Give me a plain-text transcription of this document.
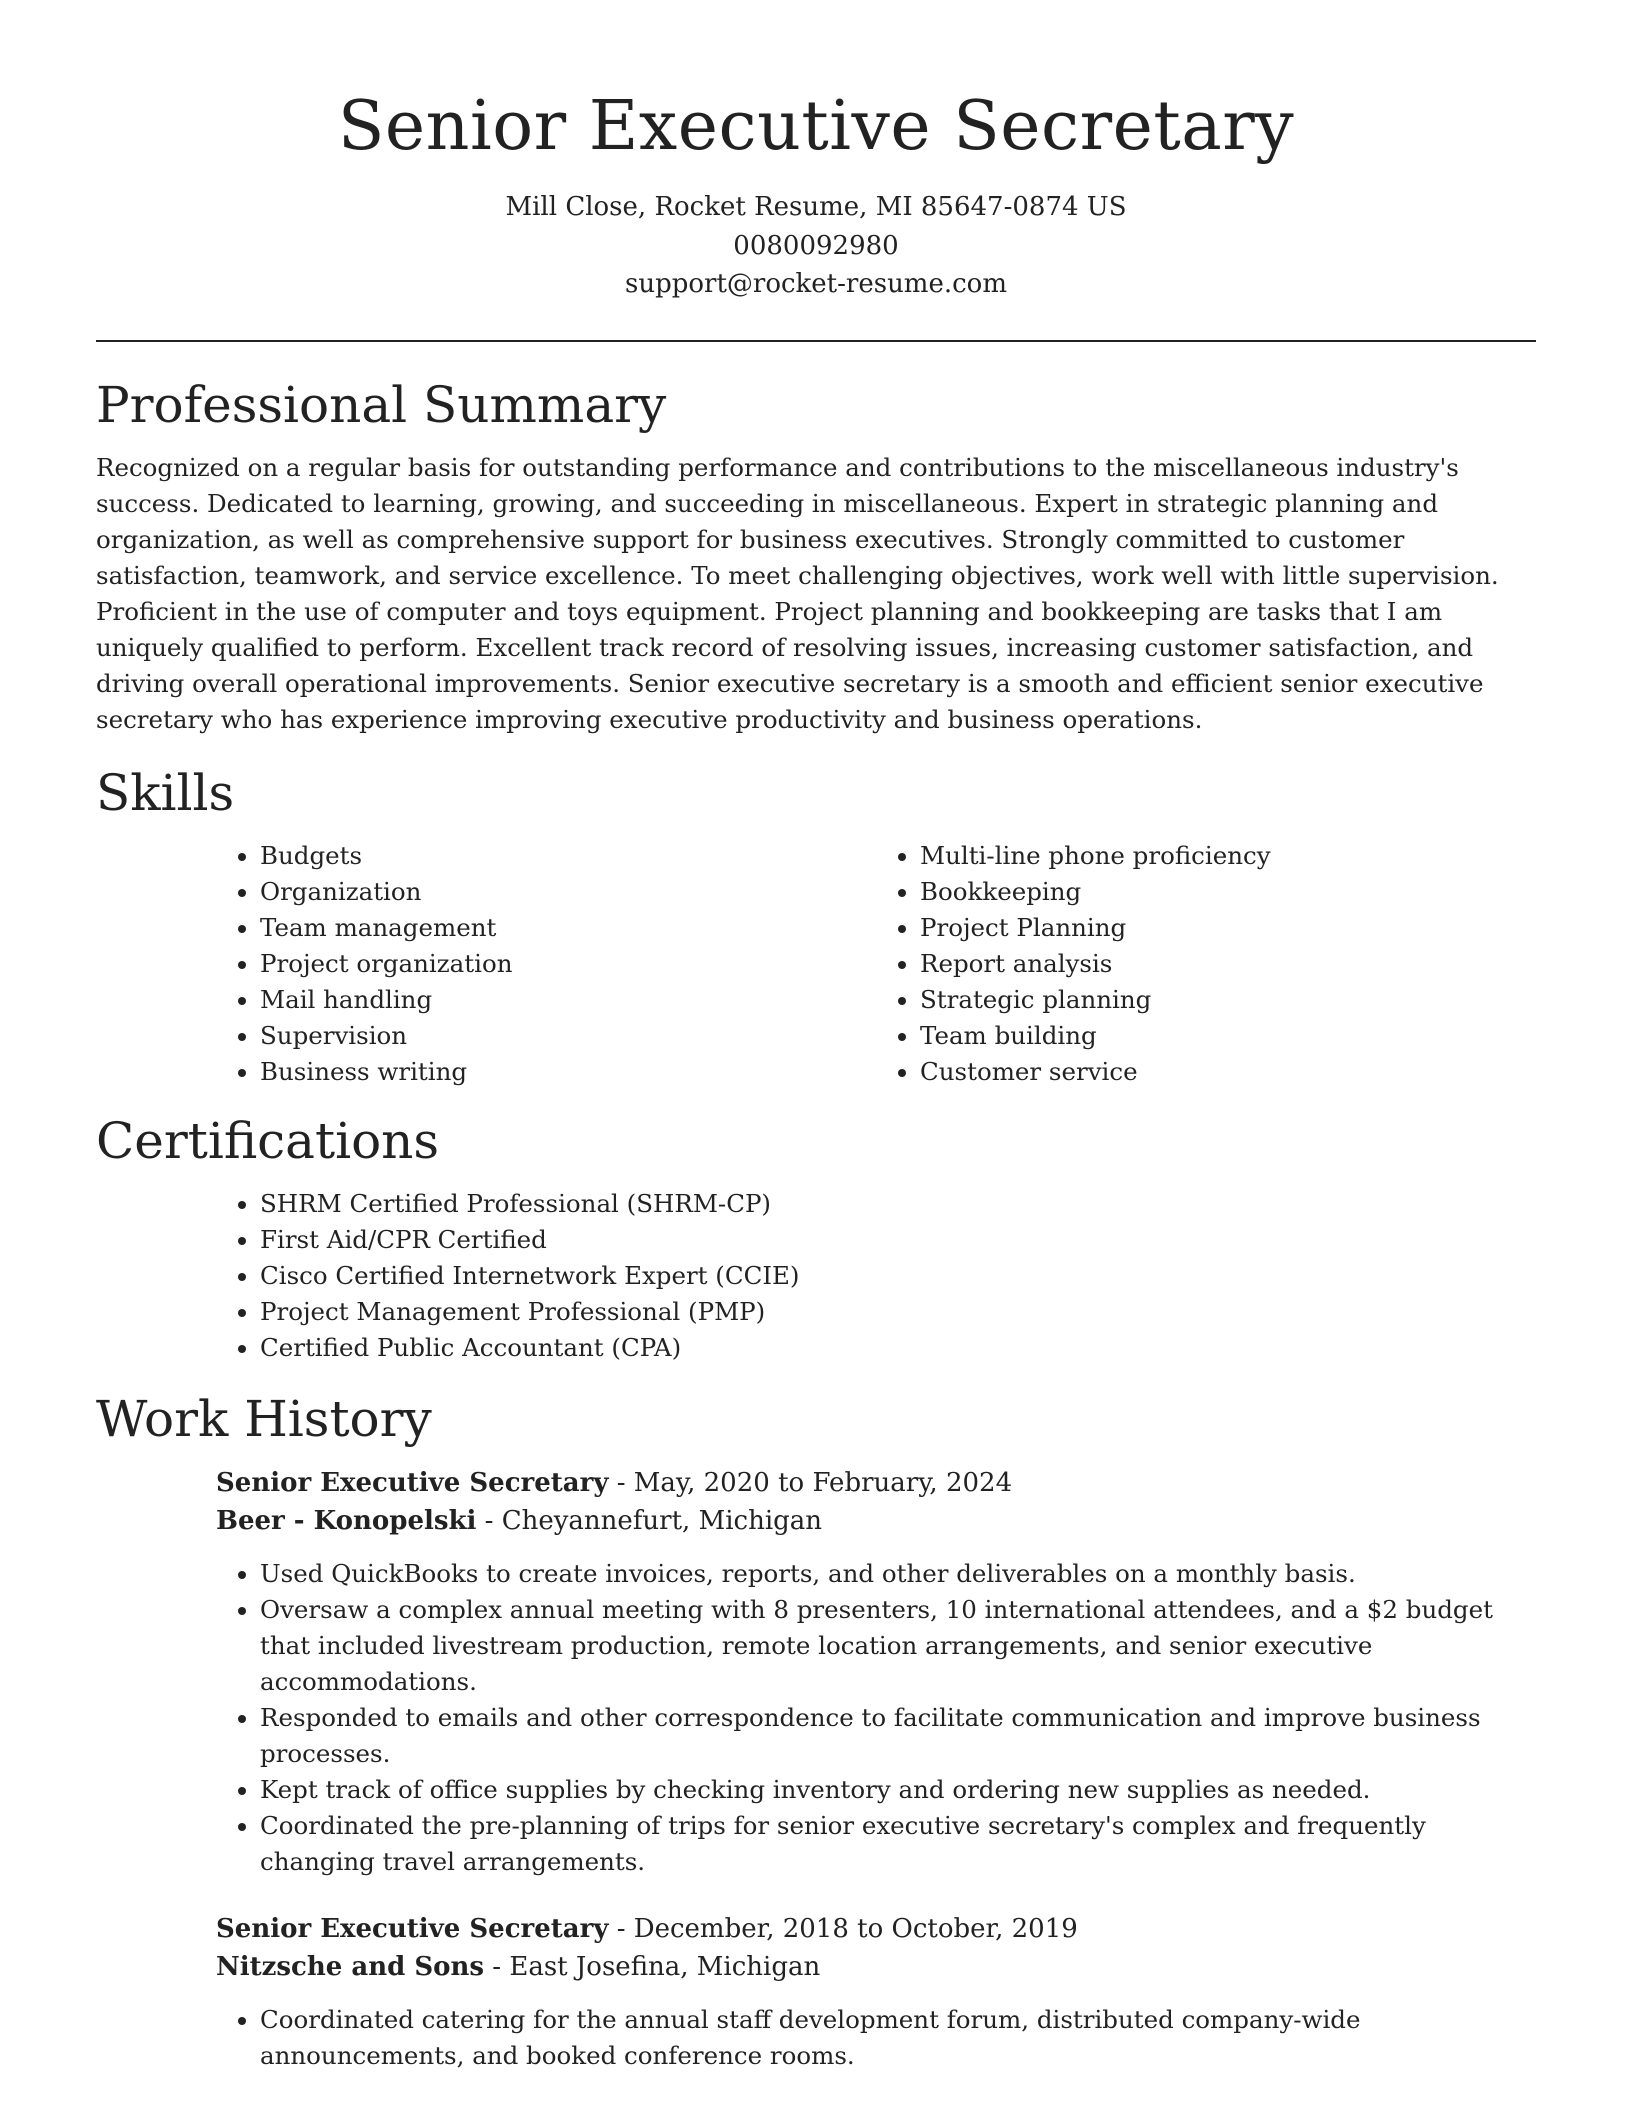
Senior Executive Secretary
Mill Close, Rocket Resume, MI 85647-0874 US
0080092980
support@rocket-resume.com
Professional Summary

Recognized on a regular basis for outstanding performance and contributions to the miscellaneous industry's success. Dedicated to learning, growing, and succeeding in miscellaneous. Expert in strategic planning and organization, as well as comprehensive support for business executives. Strongly committed to customer satisfaction, teamwork, and service excellence. To meet challenging objectives, work well with little supervision. Proficient in the use of computer and toys equipment. Project planning and bookkeeping are tasks that I am uniquely qualified to perform. Excellent track record of resolving issues, increasing customer satisfaction, and driving overall operational improvements. Senior executive secretary is a smooth and efficient senior executive secretary who has experience improving executive productivity and business operations.

Skills
• Budgets
• Organization
• Team management
• Project organization
• Mail handling
• Supervision
• Business writing
• Multi-line phone proficiency
• Bookkeeping
• Project Planning
• Report analysis
• Strategic planning
• Team building
• Customer service
Certifications
• SHRM Certified Professional (SHRM-CP)
• First Aid/CPR Certified
• Cisco Certified Internetwork Expert (CCIE)
• Project Management Professional (PMP)
• Certified Public Accountant (CPA)
Work History
Senior Executive Secretary - May, 2020 to February, 2024
Beer - Konopelski - Cheyannefurt, Michigan
• Used QuickBooks to create invoices, reports, and other deliverables on a monthly basis.
• Oversaw a complex annual meeting with 8 presenters, 10 international attendees, and a $2 budget that included livestream production, remote location arrangements, and senior executive accommodations.
• Responded to emails and other correspondence to facilitate communication and improve business processes.
• Kept track of office supplies by checking inventory and ordering new supplies as needed.
• Coordinated the pre-planning of trips for senior executive secretary's complex and frequently changing travel arrangements.
Senior Executive Secretary - December, 2018 to October, 2019
Nitzsche and Sons - East Josefina, Michigan
• Coordinated catering for the annual staff development forum, distributed company-wide announcements, and booked conference rooms.
